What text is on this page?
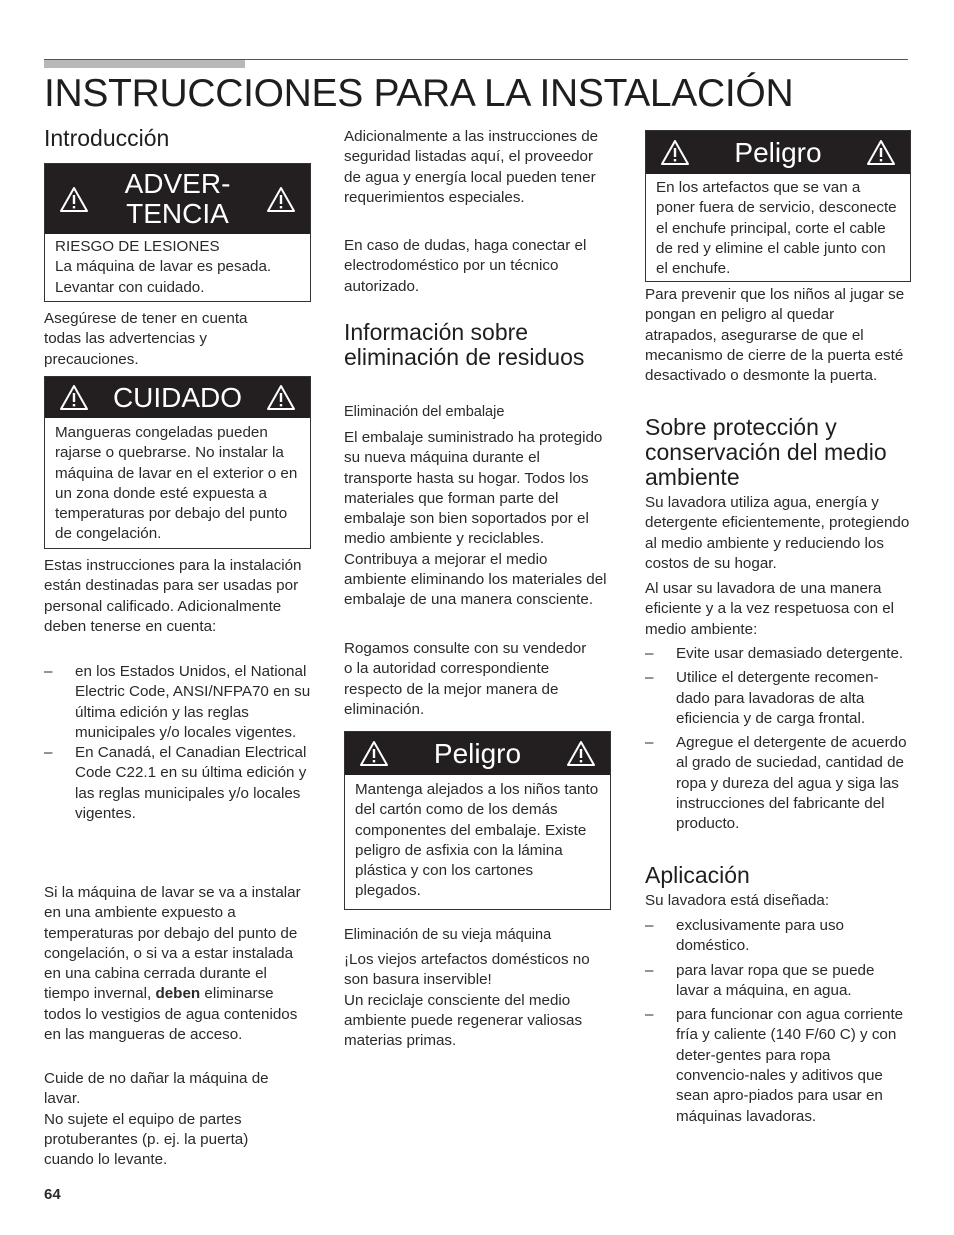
INSTRUCCIONES PARA LA INSTALACIÓN
Introducción
ADVER-
TENCIA
RIESGO DE LESIONES
La máquina de lavar es pesada. Levantar con cuidado.

Asegúrese de tener en cuenta todas las advertencias y precauciones.

CUIDADO
Mangueras congeladas pueden rajarse o quebrarse. No instalar la máquina de lavar en el exterior o en un zona donde esté expuesta a temperaturas por debajo del punto de congelación.

Estas instrucciones para la instalación están destinadas para ser usadas por personal calificado. Adicionalmente deben tenerse en cuenta:

– en los Estados Unidos, el National Electric Code, ANSI/NFPA70 en su última edición y las reglas municipales y/o locales vigentes.
– En Canadá, el Canadian Electrical Code C22.1 en su última edición y las reglas municipales y/o locales vigentes.

Si la máquina de lavar se va a instalar en una ambiente expuesto a temperaturas por debajo del punto de congelación, o si va a estar instalada en una cabina cerrada durante el tiempo invernal, deben eliminarse todos lo vestigios de agua contenidos en las mangueras de acceso.

Cuide de no dañar la máquina de lavar.
No sujete el equipo de partes protuberantes (p. ej. la puerta) cuando lo levante.

64

Adicionalmente a las instrucciones de seguridad listadas aquí, el proveedor de agua y energía local pueden tener requerimientos especiales.

En caso de dudas, haga conectar el electrodoméstico por un técnico autorizado.

Información sobre eliminación de residuos
Eliminación del embalaje

El embalaje suministrado ha protegido su nueva máquina durante el transporte hasta su hogar. Todos los materiales que forman parte del embalaje son bien soportados por el medio ambiente y reciclables. Contribuya a mejorar el medio ambiente eliminando los materiales del embalaje de una manera consciente.

Rogamos consulte con su vendedor o la autoridad correspondiente respecto de la mejor manera de eliminación.

Peligro
Mantenga alejados a los niños tanto del cartón como de los demás componentes del embalaje. Existe peligro de asfixia con la lámina plástica y con los cartones plegados.
Eliminación de su vieja máquina

¡Los viejos artefactos domésticos no son basura inservible!
Un reciclaje consciente del medio ambiente puede regenerar valiosas materias primas.

Peligro
En los artefactos que se van a poner fuera de servicio, desconecte el enchufe principal, corte el cable de red y elimine el cable junto con el enchufe.

Para prevenir que los niños al jugar se pongan en peligro al quedar atrapados, asegurarse de que el mecanismo de cierre de la puerta esté desactivado o desmonte la puerta.

Sobre protección y conservación del medio ambiente

Su lavadora utiliza agua, energía y detergente eficientemente, protegiendo al medio ambiente y reduciendo los costos de su hogar.

Al usar su lavadora de una manera eficiente y a la vez respetuosa con el medio ambiente:

– Evite usar demasiado detergente.
– Utilice el detergente recomen-dado para lavadoras de alta eficiencia y de carga frontal.
– Agregue el detergente de acuerdo al grado de suciedad, cantidad de ropa y dureza del agua y siga las instrucciones del fabricante del producto.
Aplicación

Su lavadora está diseñada:

– exclusivamente para uso doméstico.
– para lavar ropa que se puede lavar a máquina, en agua.
– para funcionar con agua corriente fría y caliente (140 F/60 C) y con deter-gentes para ropa convencio-nales y aditivos que sean apro-piados para usar en máquinas lavadoras.
